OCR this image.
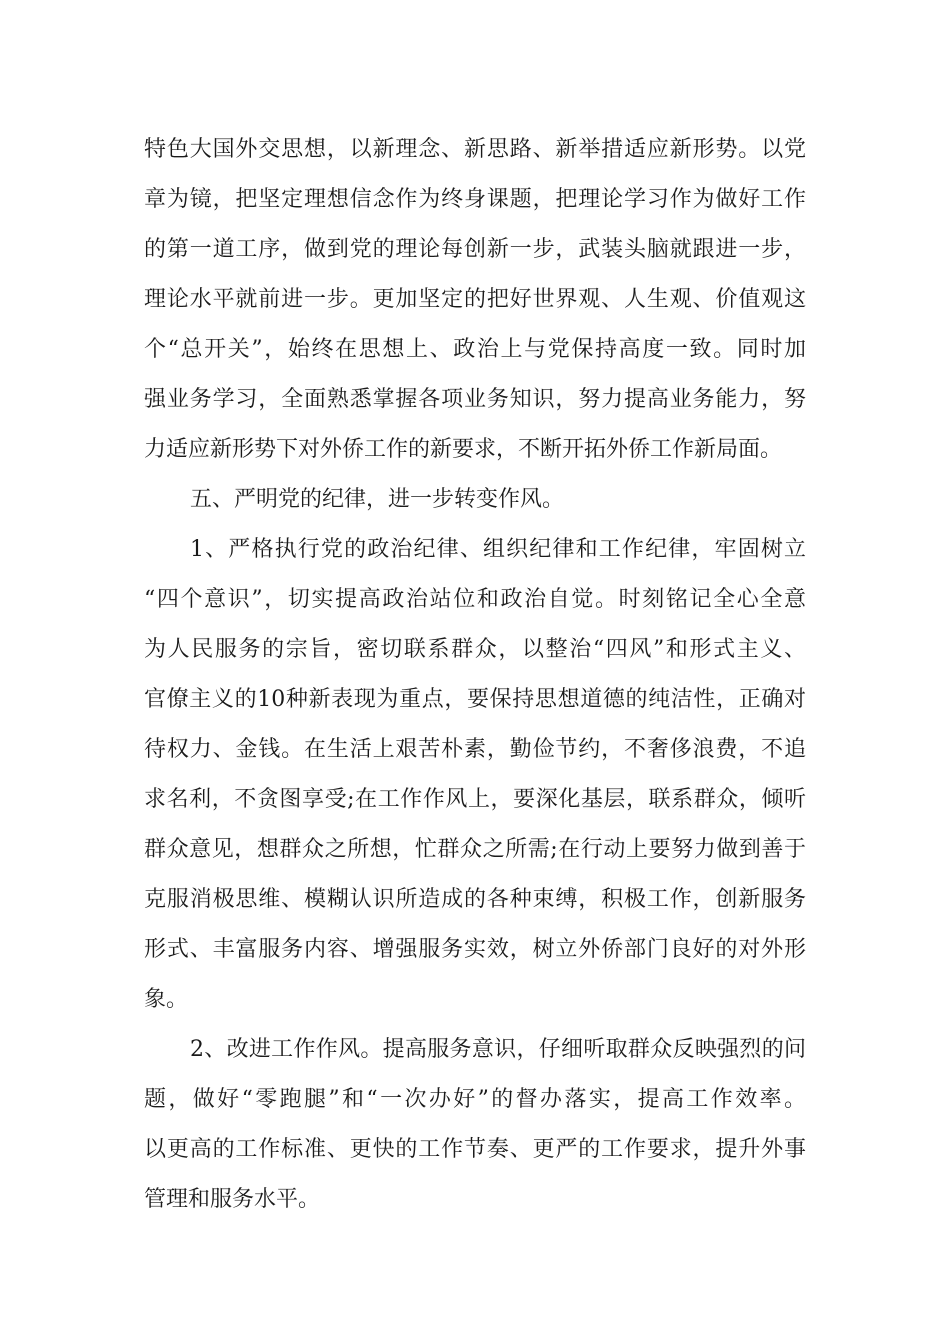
特色大国外交思想，以新理念、新思路、新举措适应新形势。以党
章为镜，把坚定理想信念作为终身课题，把理论学习作为做好工作
的第一道工序，做到党的理论每创新一步，武装头脑就跟进一步，
理论水平就前进一步。更加坚定的把好世界观、人生观、价值观这
个“总开关”，始终在思想上、政治上与党保持高度一致。同时加
强业务学习，全面熟悉掌握各项业务知识，努力提高业务能力，努
力适应新形势下对外侨工作的新要求，不断开拓外侨工作新局面。
五、严明党的纪律，进一步转变作风。
1、严格执行党的政治纪律、组织纪律和工作纪律，牢固树立
“四个意识”，切实提高政治站位和政治自觉。时刻铭记全心全意
为人民服务的宗旨，密切联系群众，以整治“四风”和形式主义、
官僚主义的10种新表现为重点，要保持思想道德的纯洁性，正确对
待权力、金钱。在生活上艰苦朴素，勤俭节约，不奢侈浪费，不追
求名利，不贪图享受;在工作作风上，要深化基层，联系群众，倾听
群众意见，想群众之所想，忙群众之所需;在行动上要努力做到善于
克服消极思维、模糊认识所造成的各种束缚，积极工作，创新服务
形式、丰富服务内容、增强服务实效，树立外侨部门良好的对外形
象。
2、改进工作作风。提高服务意识，仔细听取群众反映强烈的问
题，做好“零跑腿”和“一次办好”的督办落实，提高工作效率。
以更高的工作标准、更快的工作节奏、更严的工作要求，提升外事
管理和服务水平。
